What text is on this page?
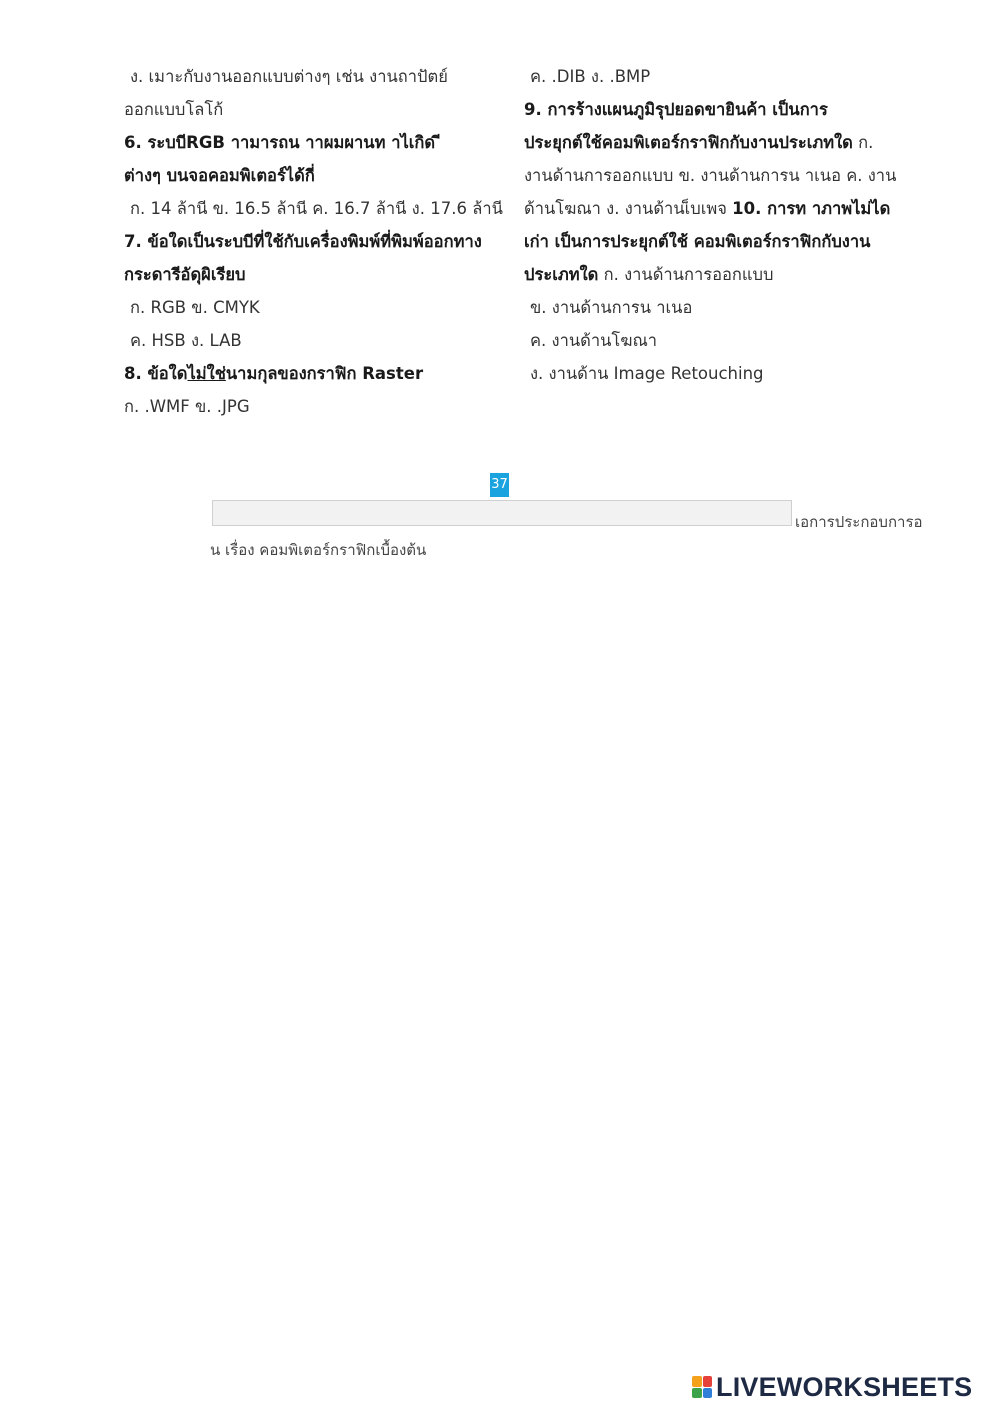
ง. เมาะกับงานออกแบบต่างๆ เช่น งานถาปัตย์
ออกแบบโลโก้
6. ระบบีRGB าามารถน าาผมผานท าไเกิด ี
ต่างๆ บนจอคอมพิเตอร์ได้กี่
ก. 14 ล้านี ข. 16.5 ล้านี ค. 16.7 ล้านี ง. 17.6 ล้านี
7. ข้อใดเป็นระบบีที่ใช้กับเครื่องพิมพ์ที่พิมพ์ออกทาง
กระดารีอัดุผิเรียบ
ก. RGB ข. CMYK
ค. HSB ง. LAB
8. ข้อใดไม่ใช่นามกุลของกราฟิก Raster
ก. .WMF ข. .JPG
ค. .DIB ง. .BMP
9. การร้างแผนภูมิรุปยอดขายินค้า เป็นการ
ประยุกต์ใช้คอมพิเตอร์กราฟิกกับงานประเภทใด ก.
งานด้านการออกแบบ ข. งานด้านการน าเนอ ค. งาน
ด้านโฆณา ง. งานด้านเ็บเพจ 10. การท าภาพไม่ได
เก่า เป็นการประยุกต์ใช้ คอมพิเตอร์กราฟิกกับงาน
ประเภทใด ก. งานด้านการออกแบบ
ข. งานด้านการน าเนอ
ค. งานด้านโฆณา
ง. งานด้าน Image Retouching
37
เอการประกอบการอ
น เรื่อง คอมพิเตอร์กราฟิกเบื้องต้น
LIVEWORKSHEETS
